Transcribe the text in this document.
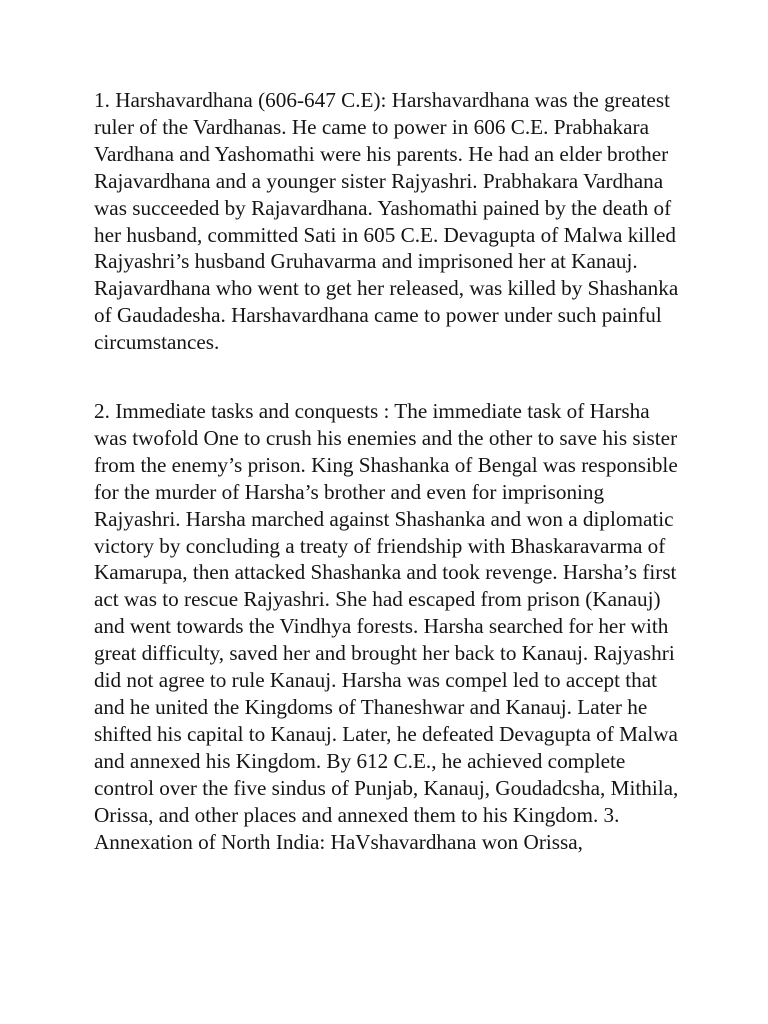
1. Harshavardhana (606-647 C.E): Harshavardhana was the greatest ruler of the Vardhanas. He came to power in 606 C.E. Prabhakara Vardhana and Yashomathi were his parents. He had an elder brother Rajavardhana and a younger sister Rajyashri. Prabhakara Vardhana was succeeded by Rajavardhana. Yashomathi pained by the death of her husband, committed Sati in 605 C.E. Devagupta of Malwa killed Rajyashri’s husband Gruhavarma and imprisoned her at Kanauj. Rajavardhana who went to get her released, was killed by Shashanka of Gaudadesha. Harshavardhana came to power under such painful circumstances.

2. Immediate tasks and conquests : The immediate task of Harsha was twofold One to crush his enemies and the other to save his sister from the enemy’s prison. King Shashanka of Bengal was responsible for the murder of Harsha’s brother and even for imprisoning Rajyashri. Harsha marched against Shashanka and won a diplomatic victory by concluding a treaty of friendship with Bhaskaravarma of Kamarupa, then attacked Shashanka and took revenge. Harsha’s first act was to rescue Rajyashri. She had escaped from prison (Kanauj) and went towards the Vindhya forests. Harsha searched for her with great difficulty, saved her and brought her back to Kanauj. Rajyashri did not agree to rule Kanauj. Harsha was compel led to accept that and he united the Kingdoms of Thaneshwar and Kanauj. Later he shifted his capital to Kanauj. Later, he defeated Devagupta of Malwa and annexed his Kingdom. By 612 C.E., he achieved complete control over the five sindus of Punjab, Kanauj, Goudadcsha, Mithila, Orissa, and other places and annexed them to his Kingdom. 3. Annexation of North India: HaVshavardhana won Orissa,
